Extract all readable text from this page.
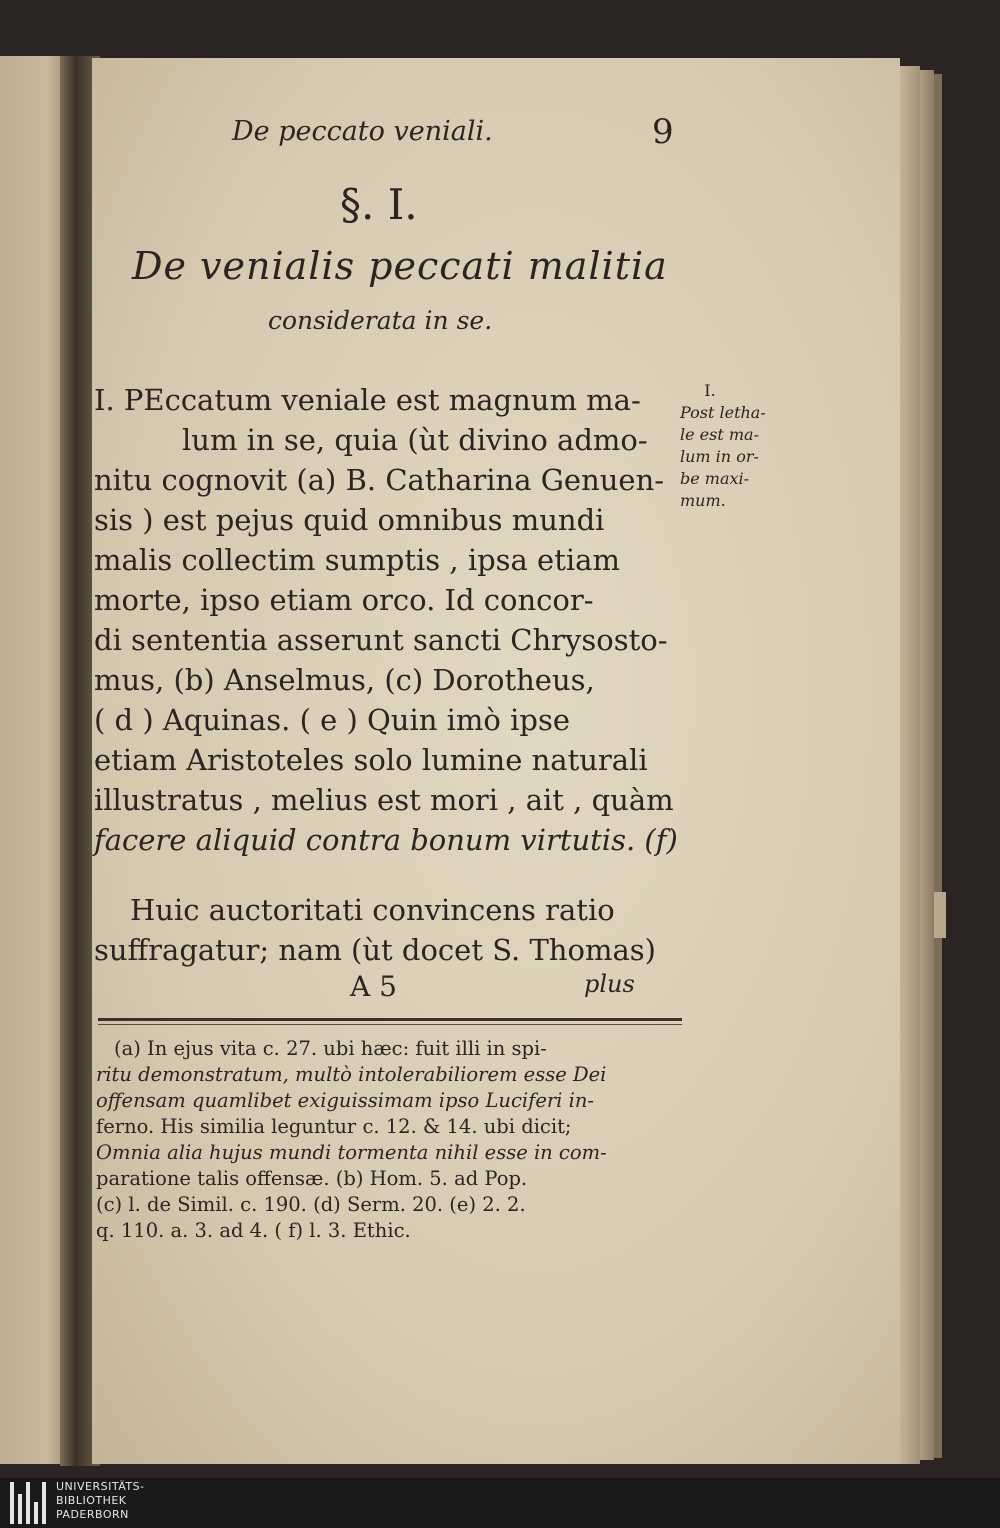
De peccato veniali.	9
§. I.
De venialis peccati malitia
considerata in se.
I.
Post letha-
le est ma-
lum in or-
be maxi-
mum.
I. PEccatum veniale est magnum ma-
lum in se, quia (ùt divino admo-
nitu cognovit (a) B. Catharina Genuen-
sis ) est pejus quid omnibus mundi
malis collectim sumptis , ipsa etiam
morte, ipso etiam orco. Id concor-
di sententia asserunt sancti Chrysosto-
mus, (b) Anselmus, (c) Dorotheus,
( d ) Aquinas. ( e ) Quin imò ipse
etiam Aristoteles solo lumine naturali
illustratus , melius est mori , ait , quàm
facere aliquid contra bonum virtutis. (f)
Huic auctoritati convincens ratio
suffragatur; nam (ùt docet S. Thomas)
A 5	plus
(a) In ejus vita c. 27. ubi hæc: fuit illi in spi-
ritu demonstratum, multò intolerabiliorem esse Dei
offensam quamlibet exiguissimam ipso Luciferi in-
ferno. His similia leguntur c. 12. & 14. ubi dicit;
Omnia alia hujus mundi tormenta nihil esse in com-
paratione talis offensæ. (b) Hom. 5. ad Pop.
(c) l. de Simil. c. 190. (d) Serm. 20. (e) 2. 2.
q. 110. a. 3. ad 4. ( f) l. 3. Ethic.
UNIVERSITÄTS-
BIBLIOTHEK
PADERBORN
